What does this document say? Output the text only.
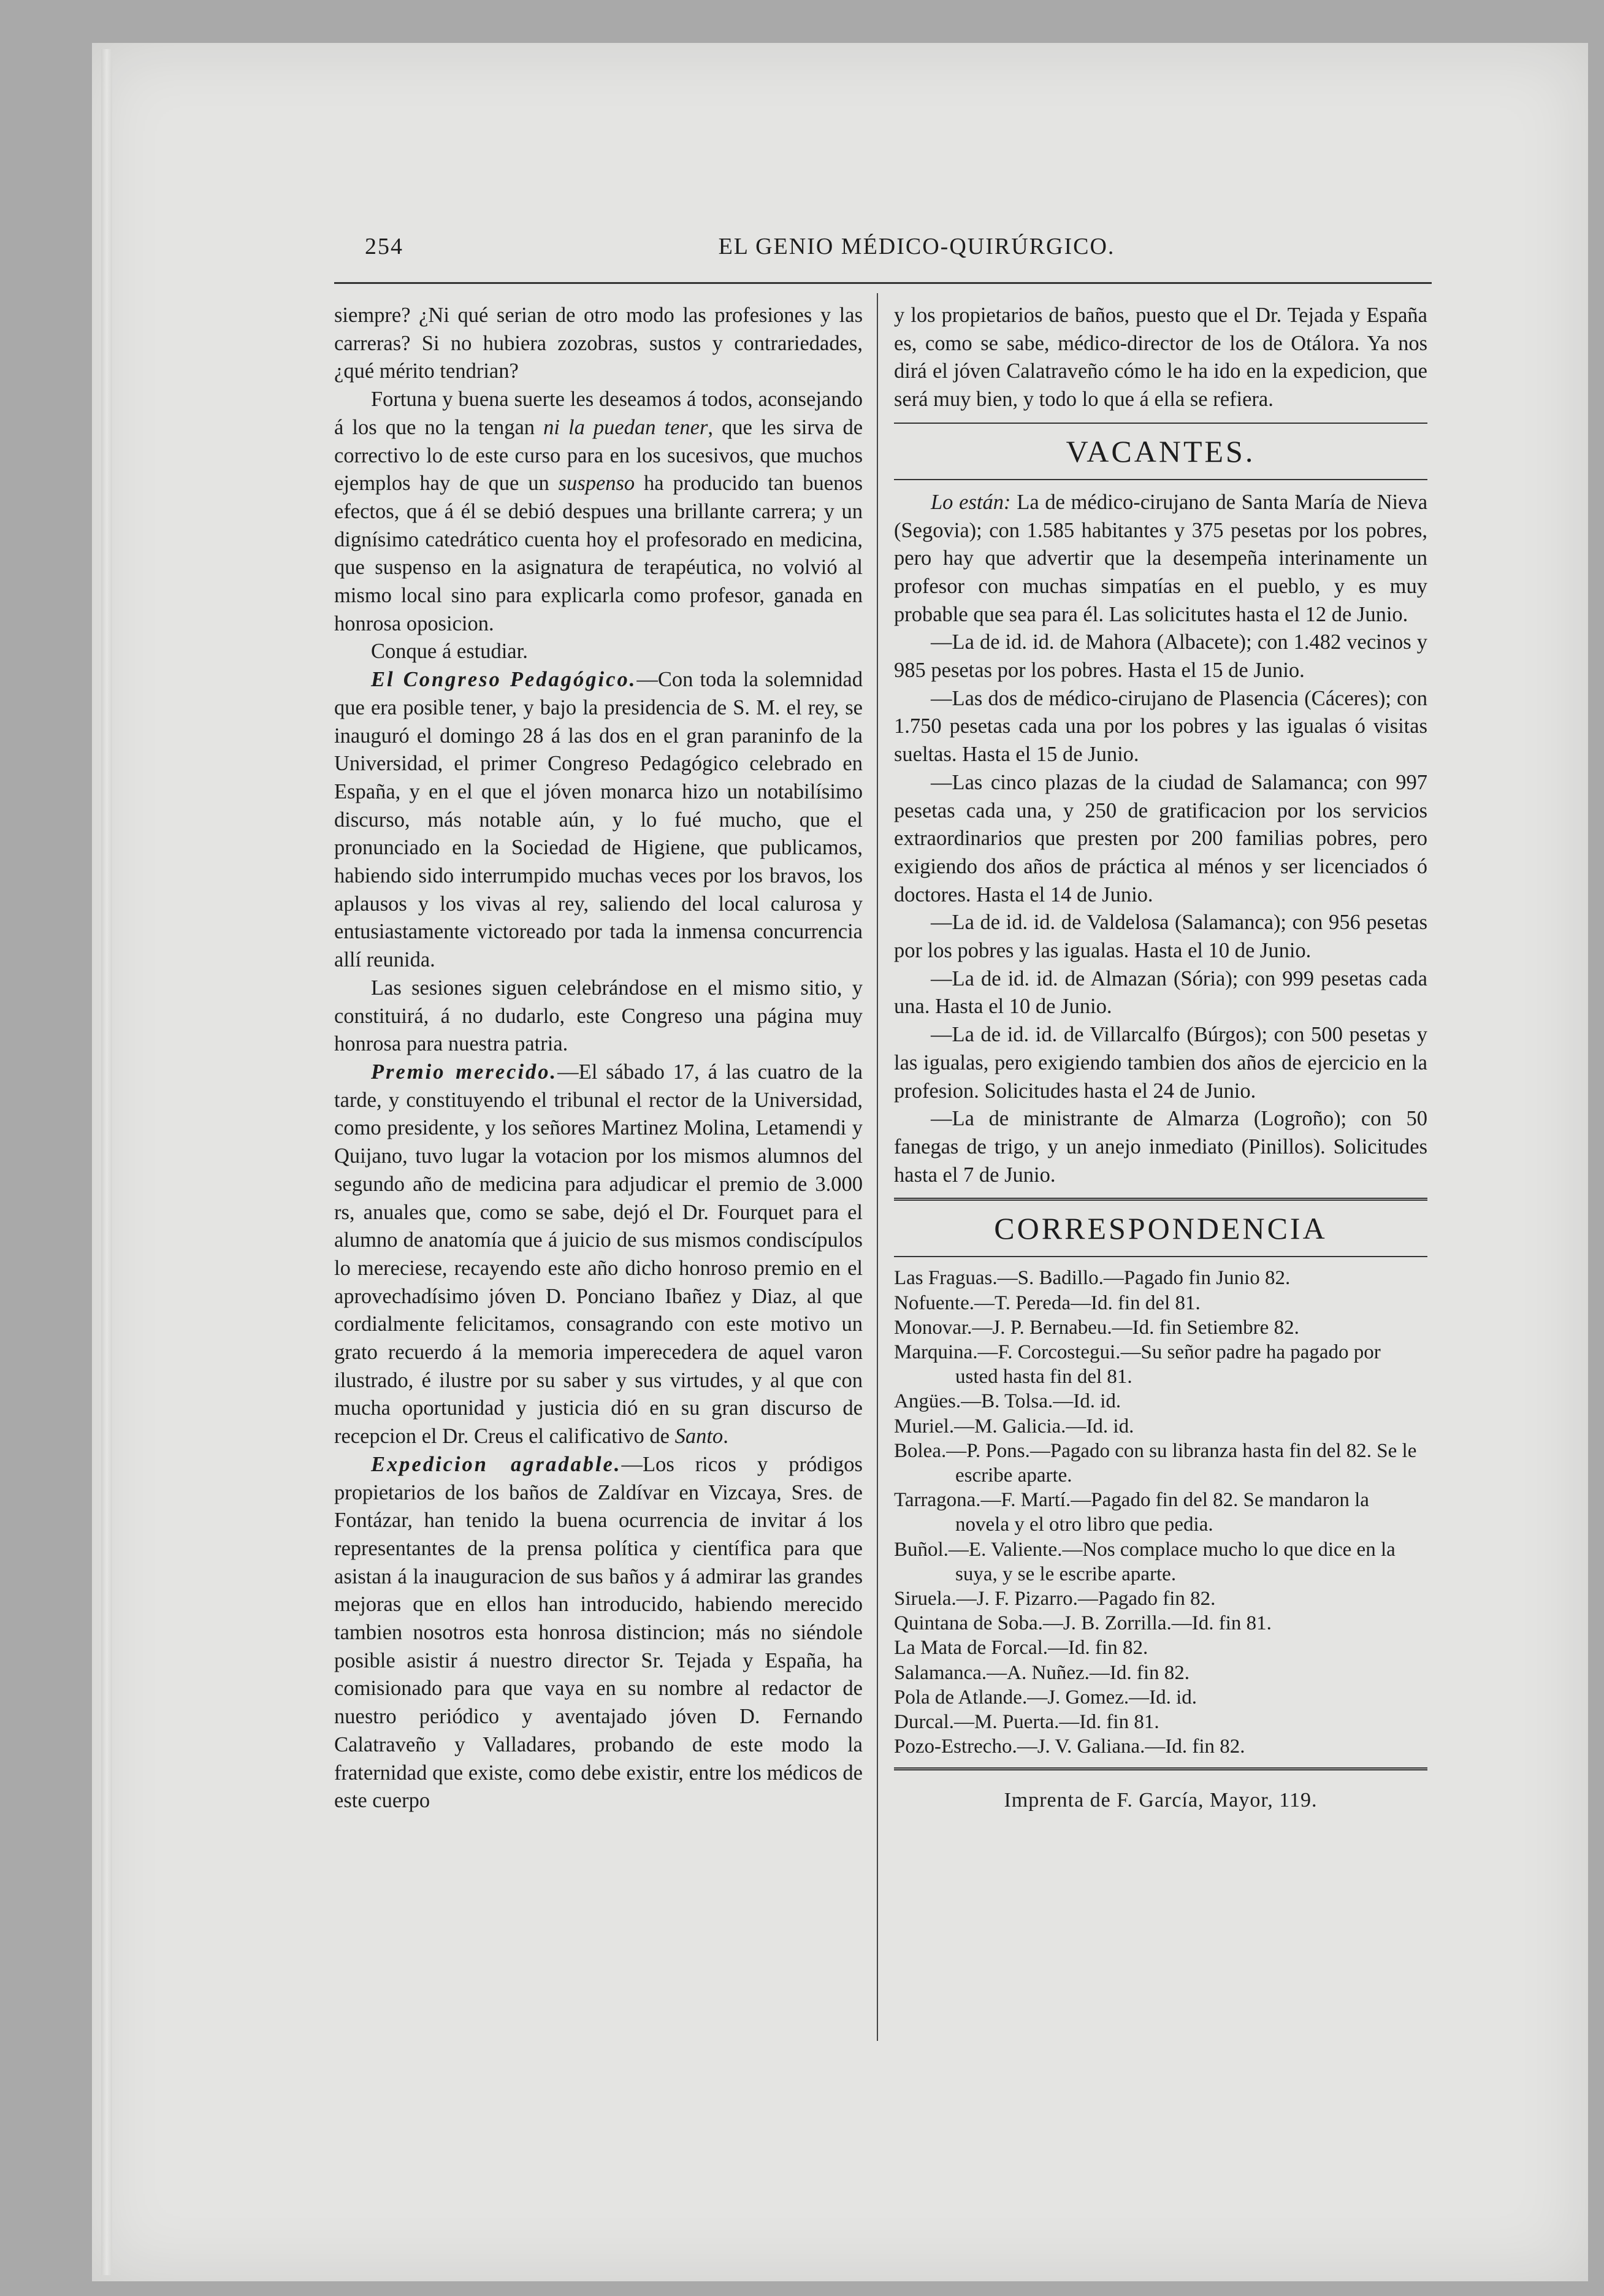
254	EL GENIO MÉDICO-QUIRÚRGICO.

siempre? ¿Ni qué serian de otro modo las profesiones y las carreras? Si no hubiera zozobras, sustos y contrariedades, ¿qué mérito tendrian?

Fortuna y buena suerte les deseamos á todos, aconsejando á los que no la tengan ni la puedan tener, que les sirva de correctivo lo de este curso para en los sucesivos, que muchos ejemplos hay de que un suspenso ha producido tan buenos efectos, que á él se debió despues una brillante carrera; y un dignísimo catedrático cuenta hoy el profesorado en medicina, que suspenso en la asignatura de terapéutica, no volvió al mismo local sino para explicarla como profesor, ganada en honrosa oposicion.

Conque á estudiar.

El Congreso Pedagógico.—Con toda la solemnidad que era posible tener, y bajo la presidencia de S. M. el rey, se inauguró el domingo 28 á las dos en el gran paraninfo de la Universidad, el primer Congreso Pedagógico celebrado en España, y en el que el jóven monarca hizo un notabilísimo discurso, más notable aún, y lo fué mucho, que el pronunciado en la Sociedad de Higiene, que publicamos, habiendo sido interrumpido muchas veces por los bravos, los aplausos y los vivas al rey, saliendo del local calurosa y entusiastamente victoreado por tada la inmensa concurrencia allí reunida.

Las sesiones siguen celebrándose en el mismo sitio, y constituirá, á no dudarlo, este Congreso una página muy honrosa para nuestra patria.

Premio merecido.—El sábado 17, á las cuatro de la tarde, y constituyendo el tribunal el rector de la Universidad, como presidente, y los señores Martinez Molina, Letamendi y Quijano, tuvo lugar la votacion por los mismos alumnos del segundo año de medicina para adjudicar el premio de 3.000 rs, anuales que, como se sabe, dejó el Dr. Fourquet para el alumno de anatomía que á juicio de sus mismos condiscípulos lo mereciese, recayendo este año dicho honroso premio en el aprovechadísimo jóven D. Ponciano Ibañez y Diaz, al que cordialmente felicitamos, consagrando con este motivo un grato recuerdo á la memoria imperecedera de aquel varon ilustrado, é ilustre por su saber y sus virtudes, y al que con mucha oportunidad y justicia dió en su gran discurso de recepcion el Dr. Creus el calificativo de Santo.

Expedicion agradable.—Los ricos y pródigos propietarios de los baños de Zaldívar en Vizcaya, Sres. de Fontázar, han tenido la buena ocurrencia de invitar á los representantes de la prensa política y científica para que asistan á la inauguracion de sus baños y á admirar las grandes mejoras que en ellos han introducido, habiendo merecido tambien nosotros esta honrosa distincion; más no siéndole posible asistir á nuestro director Sr. Tejada y España, ha comisionado para que vaya en su nombre al redactor de nuestro periódico y aventajado jóven D. Fernando Calatraveño y Valladares, probando de este modo la fraternidad que existe, como debe existir, entre los médicos de este cuerpo

y los propietarios de baños, puesto que el Dr. Tejada y España es, como se sabe, médico-director de los de Otálora. Ya nos dirá el jóven Calatraveño cómo le ha ido en la expedicion, que será muy bien, y todo lo que á ella se refiera.

VACANTES.

Lo están: La de médico-cirujano de Santa María de Nieva (Segovia); con 1.585 habitantes y 375 pesetas por los pobres, pero hay que advertir que la desempeña interinamente un profesor con muchas simpatías en el pueblo, y es muy probable que sea para él. Las solicitutes hasta el 12 de Junio.

—La de id. id. de Mahora (Albacete); con 1.482 vecinos y 985 pesetas por los pobres. Hasta el 15 de Junio.

—Las dos de médico-cirujano de Plasencia (Cáceres); con 1.750 pesetas cada una por los pobres y las igualas ó visitas sueltas. Hasta el 15 de Junio.

—Las cinco plazas de la ciudad de Salamanca; con 997 pesetas cada una, y 250 de gratificacion por los servicios extraordinarios que presten por 200 familias pobres, pero exigiendo dos años de práctica al ménos y ser licenciados ó doctores. Hasta el 14 de Junio.

—La de id. id. de Valdelosa (Salamanca); con 956 pesetas por los pobres y las igualas. Hasta el 10 de Junio.

—La de id. id. de Almazan (Sória); con 999 pesetas cada una. Hasta el 10 de Junio.

—La de id. id. de Villarcalfo (Búrgos); con 500 pesetas y las igualas, pero exigiendo tambien dos años de ejercicio en la profesion. Solicitudes hasta el 24 de Junio.

—La de ministrante de Almarza (Logroño); con 50 fanegas de trigo, y un anejo inmediato (Pinillos). Solicitudes hasta el 7 de Junio.

CORRESPONDENCIA

Las Fraguas.—S. Badillo.—Pagado fin Junio 82.

Nofuente.—T. Pereda—Id. fin del 81.

Monovar.—J. P. Bernabeu.—Id. fin Setiembre 82.

Marquina.—F. Corcostegui.—Su señor padre ha pagado por usted hasta fin del 81.

Angües.—B. Tolsa.—Id. id.

Muriel.—M. Galicia.—Id. id.

Bolea.—P. Pons.—Pagado con su libranza hasta fin del 82. Se le escribe aparte.

Tarragona.—F. Martí.—Pagado fin del 82. Se mandaron la novela y el otro libro que pedia.

Buñol.—E. Valiente.—Nos complace mucho lo que dice en la suya, y se le escribe aparte.

Siruela.—J. F. Pizarro.—Pagado fin 82.

Quintana de Soba.—J. B. Zorrilla.—Id. fin 81.

La Mata de Forcal.—Id. fin 82.

Salamanca.—A. Nuñez.—Id. fin 82.

Pola de Atlande.—J. Gomez.—Id. id.

Durcal.—M. Puerta.—Id. fin 81.

Pozo-Estrecho.—J. V. Galiana.—Id. fin 82.

Imprenta de F. García, Mayor, 119.
